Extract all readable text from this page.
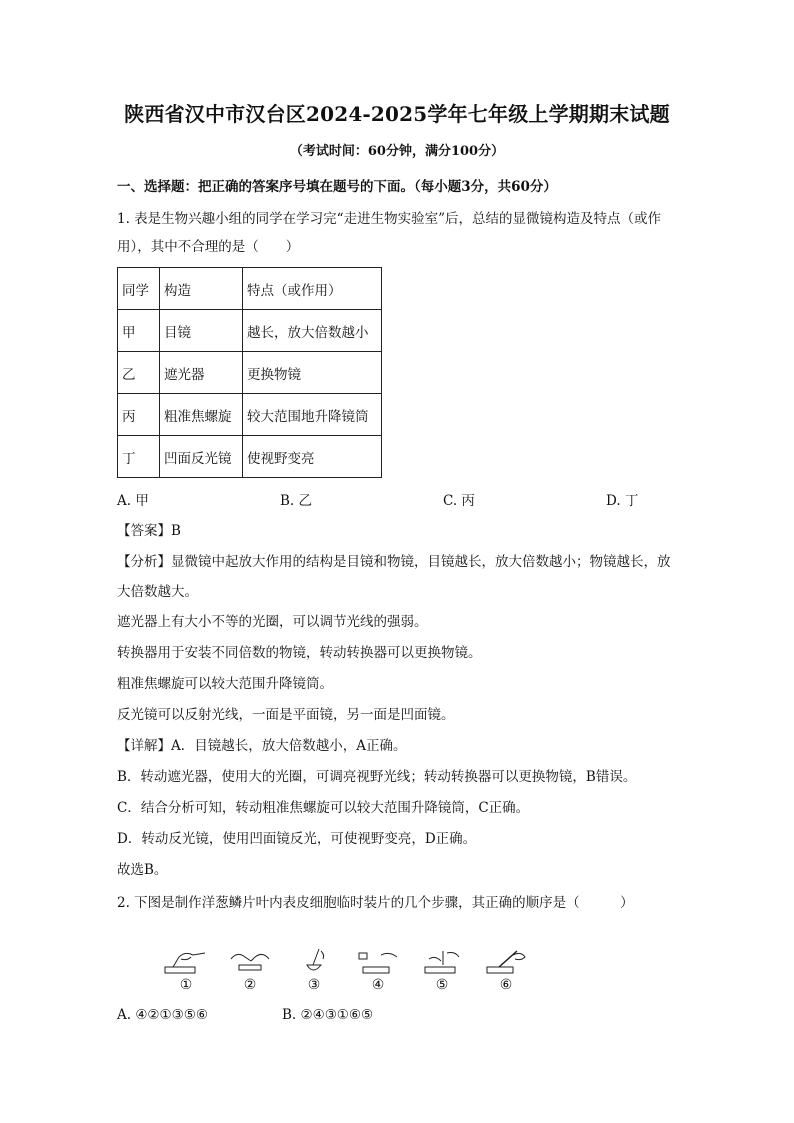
陕西省汉中市汉台区2024-2025学年七年级上学期期末试题
（考试时间：60分钟，满分100分）
一、选择题：把正确的答案序号填在题号的下面。（每小题3分，共60分）
1. 表是生物兴趣小组的同学在学习完“走进生物实验室”后，总结的显微镜构造及特点（或作用），其中不合理的是（　　）
同学	构造	特点（或作用）
甲	目镜	越长，放大倍数越小
乙	遮光器	更换物镜
丙	粗准焦螺旋	较大范围地升降镜筒
丁	凹面反光镜	使视野变亮
A. 甲	B. 乙	C. 丙	D. 丁
【答案】B
【分析】显微镜中起放大作用的结构是目镜和物镜，目镜越长，放大倍数越小；物镜越长，放大倍数越大。
遮光器上有大小不等的光圈，可以调节光线的强弱。
转换器用于安装不同倍数的物镜，转动转换器可以更换物镜。
粗准焦螺旋可以较大范围升降镜筒。
反光镜可以反射光线，一面是平面镜，另一面是凹面镜。
【详解】A．目镜越长，放大倍数越小，A正确。
B．转动遮光器，使用大的光圈，可调亮视野光线；转动转换器可以更换物镜，B错误。
C．结合分析可知，转动粗准焦螺旋可以较大范围升降镜筒，C正确。
D．转动反光镜，使用凹面镜反光，可使视野变亮，D正确。
故选B。
2. 下图是制作洋葱鳞片叶内表皮细胞临时装片的几个步骤，其正确的顺序是（　　　）
①	②	③	④	⑤	⑥
A. ④②①③⑤⑥	B. ②④③①⑥⑤
